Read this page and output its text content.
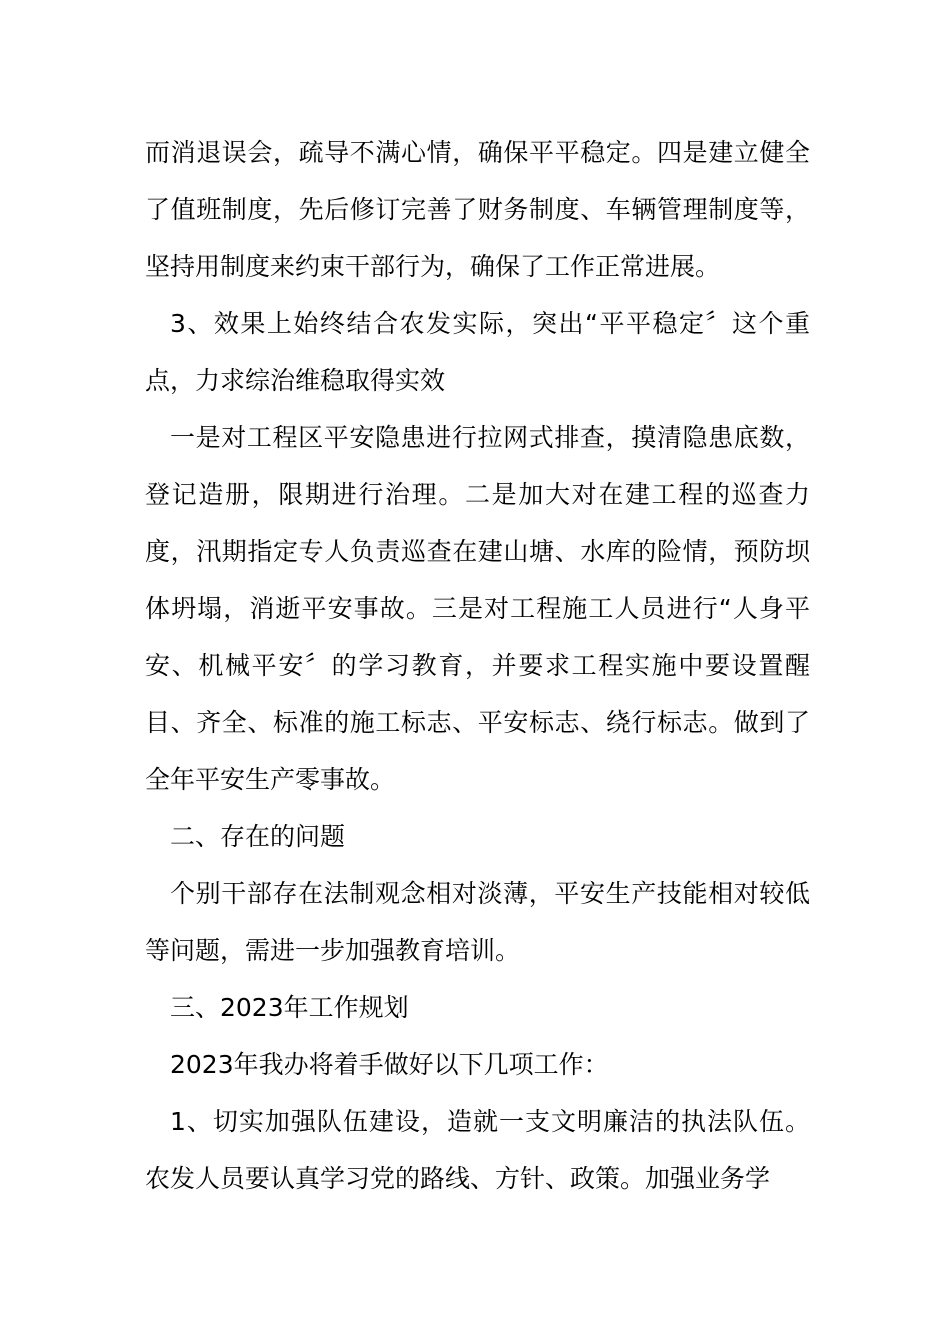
而消退误会，疏导不满心情，确保平平稳定。四是建立健全了值班制度，先后修订完善了财务制度、车辆管理制度等，坚持用制度来约束干部行为，确保了工作正常进展。

3、效果上始终结合农发实际，突出“平平稳定〞这个重点，力求综治维稳取得实效

一是对工程区平安隐患进行拉网式排查，摸清隐患底数，登记造册，限期进行治理。二是加大对在建工程的巡查力度，汛期指定专人负责巡查在建山塘、水库的险情，预防坝体坍塌，消逝平安事故。三是对工程施工人员进行“人身平安、机械平安〞的学习教育，并要求工程实施中要设置醒目、齐全、标准的施工标志、平安标志、绕行标志。做到了全年平安生产零事故。

二、存在的问题

个别干部存在法制观念相对淡薄，平安生产技能相对较低等问题，需进一步加强教育培训。

三、2023年工作规划

2023年我办将着手做好以下几项工作：

1、切实加强队伍建设，造就一支文明廉洁的执法队伍。农发人员要认真学习党的路线、方针、政策。加强业务学
